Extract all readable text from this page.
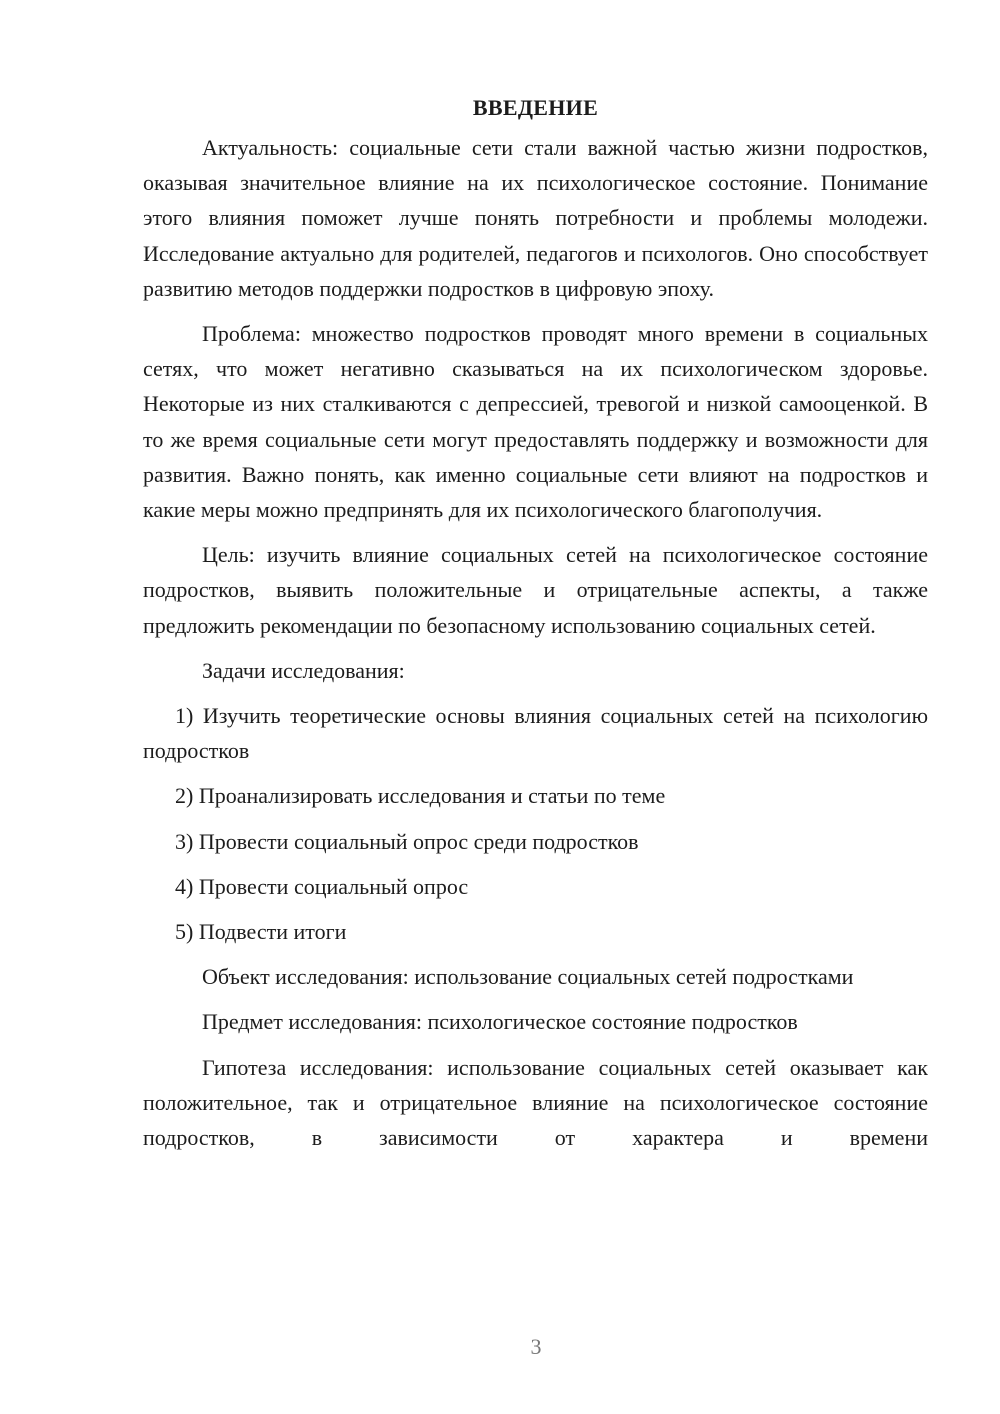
ВВЕДЕНИЕ

Актуальность: социальные сети стали важной частью жизни подростков, оказывая значительное влияние на их психологическое состояние. Понимание этого влияния поможет лучше понять потребности и проблемы молодежи. Исследование актуально для родителей, педагогов и психологов. Оно способствует развитию методов поддержки подростков в цифровую эпоху.

Проблема: множество подростков проводят много времени в социальных сетях, что может негативно сказываться на их психологическом здоровье. Некоторые из них сталкиваются с депрессией, тревогой и низкой самооценкой. В то же время социальные сети могут предоставлять поддержку и возможности для развития. Важно понять, как именно социальные сети влияют на подростков и какие меры можно предпринять для их психологического благополучия.

Цель: изучить влияние социальных сетей на психологическое состояние подростков, выявить положительные и отрицательные аспекты, а также предложить рекомендации по безопасному использованию социальных сетей.

Задачи исследования:

1) Изучить теоретические основы влияния социальных сетей на психологию подростков

2) Проанализировать исследования и статьи по теме

3) Провести социальный опрос среди подростков

4) Провести социальный опрос

5) Подвести итоги

Объект исследования: использование социальных сетей подростками

Предмет исследования: психологическое состояние подростков

Гипотеза исследования: использование социальных сетей оказывает как положительное, так и отрицательное влияние на психологическое состояние подростков, в зависимости от характера и времени

3
